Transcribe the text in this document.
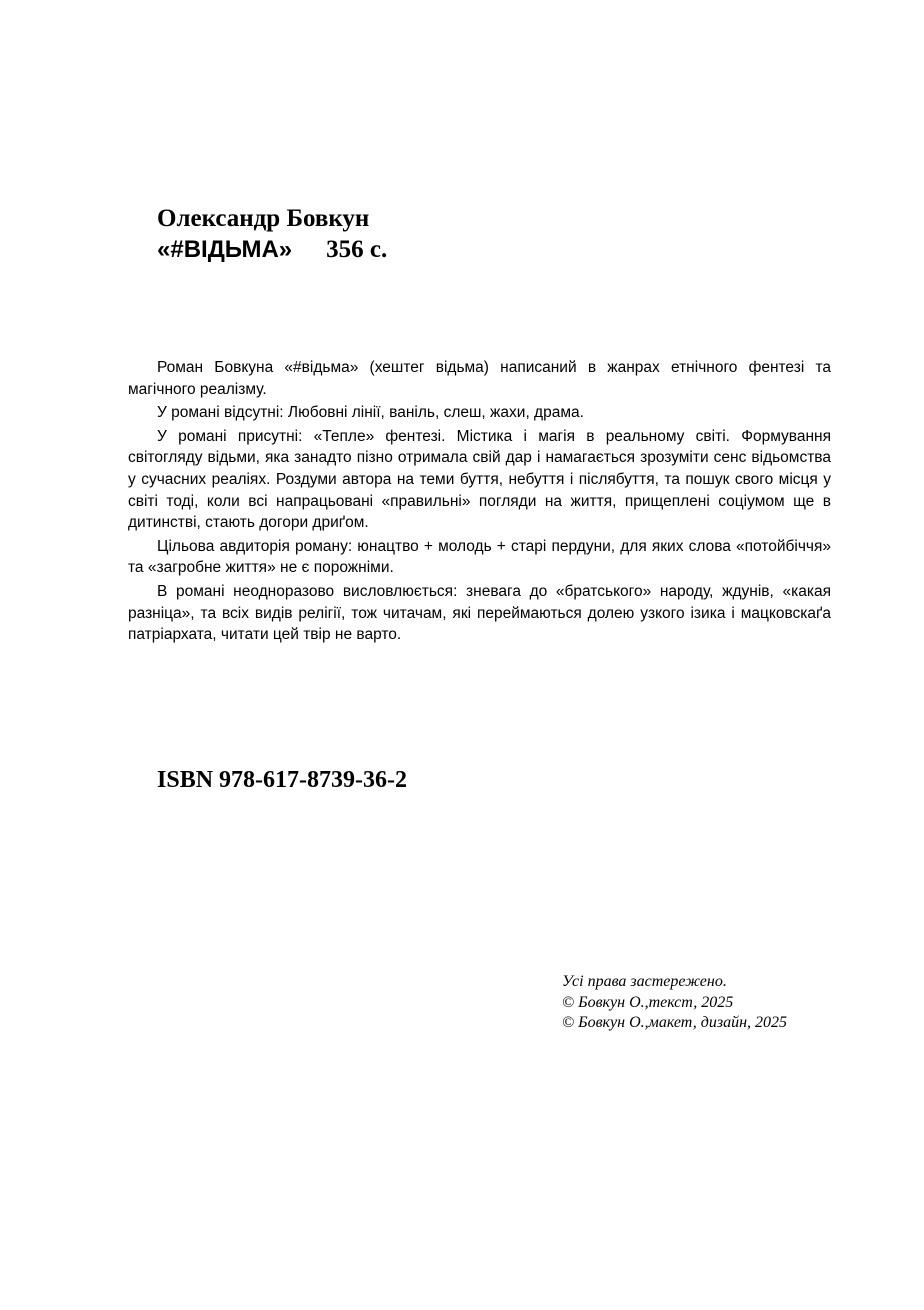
Олександр Бовкун
«#ВІДЬМА» 356 с.

Роман Бовкуна «#відьма» (хештег відьма) написаний в жанрах етнічного фентезі та магічного реалізму.

У романі відсутні: Любовні лінії, ваніль, слеш, жахи, драма.

У романі присутні: «Тепле» фентезі. Містика і магія в реальному світі. Формування світогляду відьми, яка занадто пізно отримала свій дар і намагається зрозуміти сенс відьомства у сучасних реаліях. Роздуми автора на теми буття, небуття і післябуття, та пошук свого місця у світі тоді, коли всі напрацьовані «правильні» погляди на життя, прищеплені соціумом ще в дитинстві, стають догори дриґом.

Цільова авдиторія роману: юнацтво + молодь + старі пердуни, для яких слова «потойбіччя» та «загробне життя» не є порожніми.

В романі неодноразово висловлюється: зневага до «братського» народу, ждунів, «какая разніца», та всіх видів релігії, тож читачам, які переймаються долею узкого ізика і мацковскаґа патріархата, читати цей твір не варто.

ISBN 978-617-8739-36-2
Усі права застережено.
© Бовкун О.,текст, 2025
© Бовкун О.,макет, дизайн, 2025
